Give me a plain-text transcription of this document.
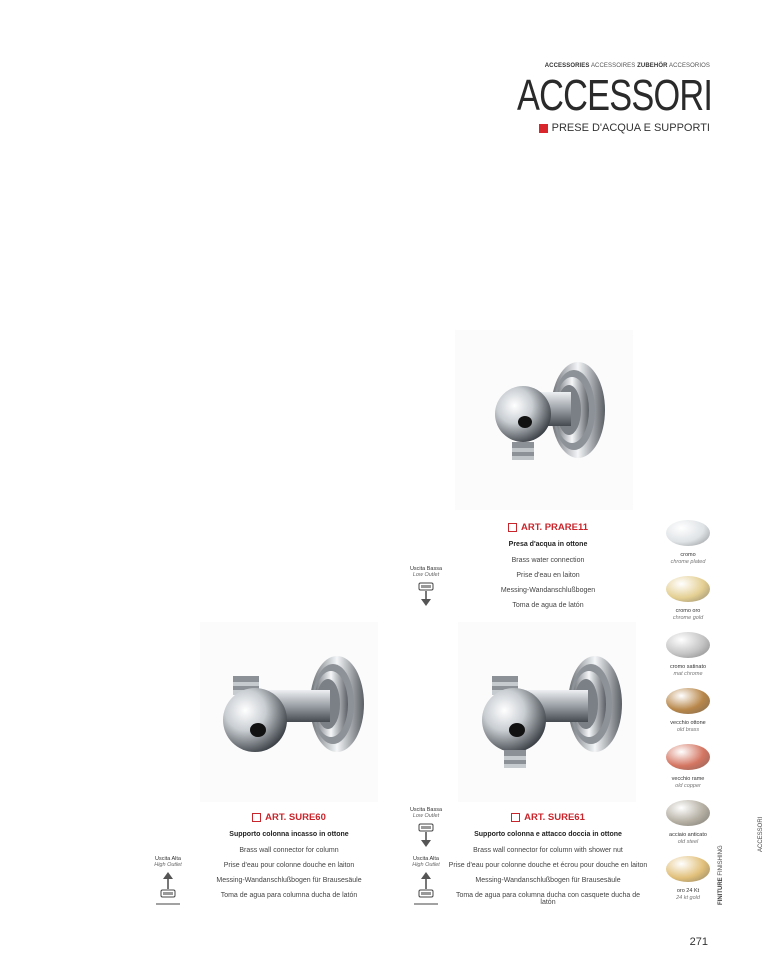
ACCESSORIES ACCESSOIRES ZUBEHÖR ACCESORIOS
ACCESSORI
PRESE D'ACQUA E SUPPORTI
ART. PRARE11
Presa d'acqua in ottone
Brass water connection
Prise d'eau en laiton
Messing-Wandanschlußbogen
Toma de agua de latón
ART. SURE60
Supporto colonna incasso in ottone
Brass wall connector for column
Prise d'eau pour colonne douche en laiton
Messing-Wandanschlußbogen für Brausesäule
Toma de agua para columna ducha de latón
ART. SURE61
Supporto colonna e attacco doccia in ottone
Brass wall connector for column with shower nut
Prise d'eau pour colonne douche et écrou pour douche en laiton
Messing-Wandanschlußbogen für Brausesäule
Toma de agua para columna ducha con casquete ducha de latón
Uscita Bassa
Low Outlet
Uscita Bassa
Low Outlet
Uscita Alta
High Outlet
Uscita Alta
High Outlet
cromo
chrome plated
cromo oro
chrome gold
cromo satinato
mat chrome
vecchio ottone
old brass
vecchio rame
old copper
acciaio anticato
old steel
oro 24 Kt
24 kt gold	FINITURE FINISHING
ACCESSORI
271
